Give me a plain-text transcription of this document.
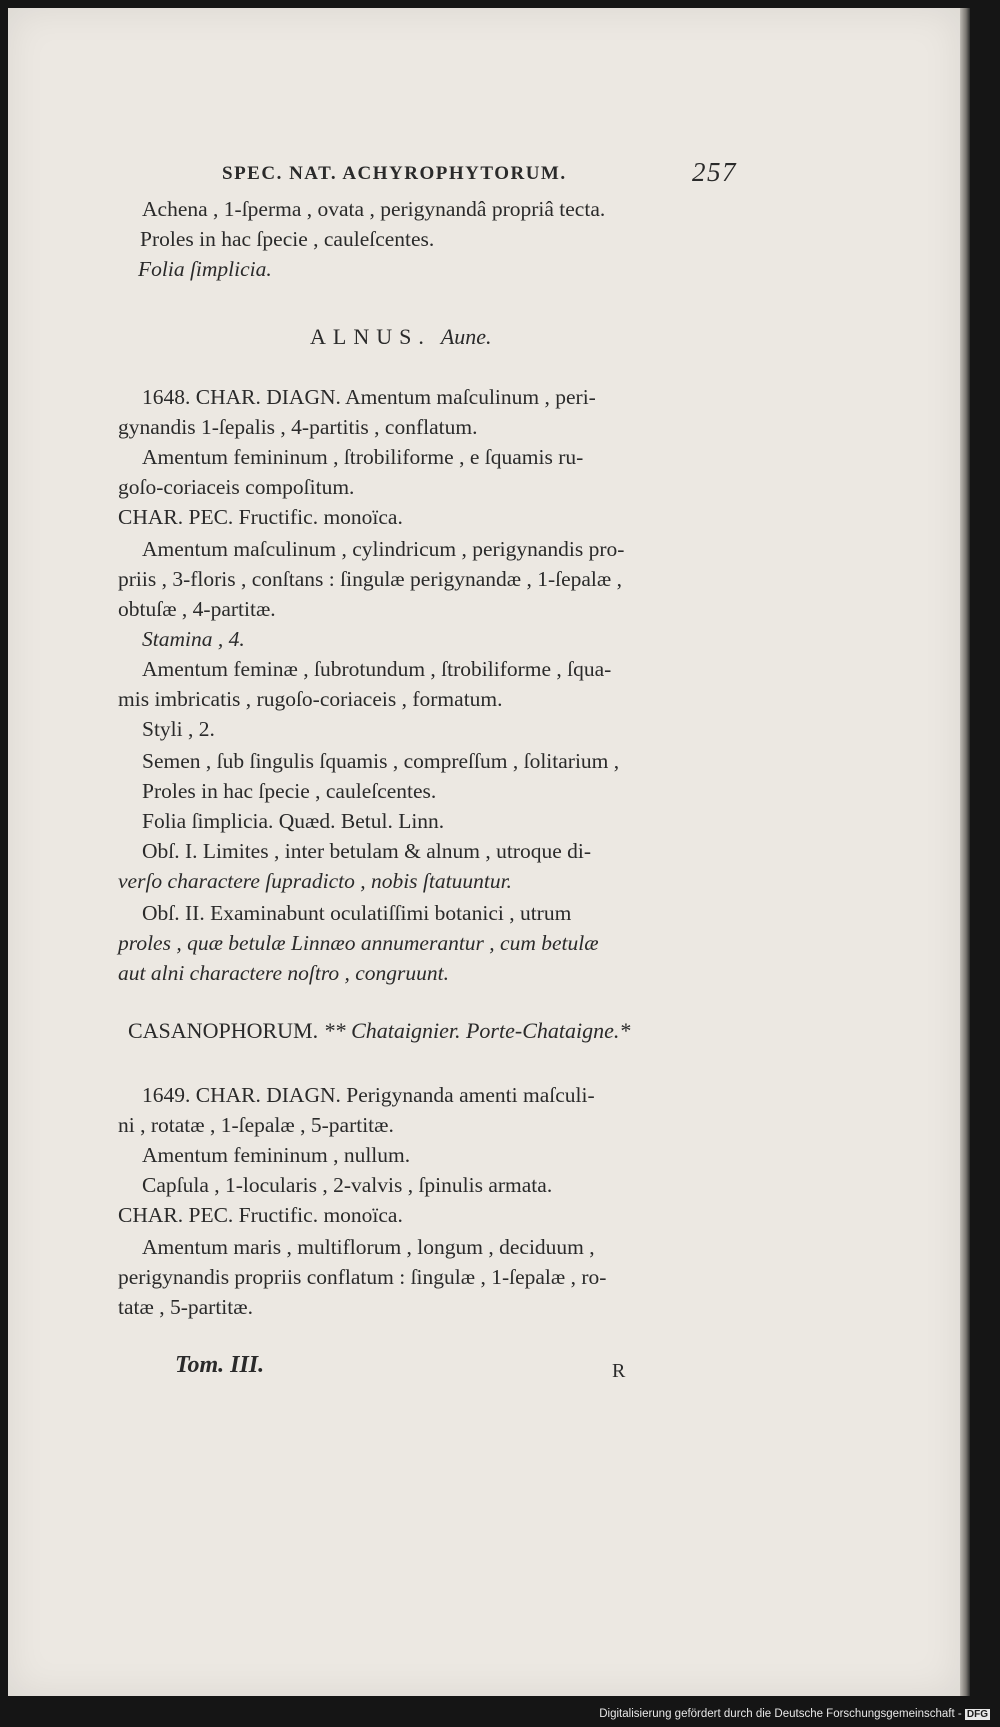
SPEC. NAT. ACHYROPHYTORUM.	257
Achena , 1-ſperma , ovata , perigynandâ propriâ tecta.
Proles in hac ſpecie , cauleſcentes.
Folia ſimplicia.
1648. CHAR. DIAGN. Amentum maſculinum , peri-
gynandis 1-ſepalis , 4-partitis , conflatum.
Amentum femininum , ſtrobiliforme , e ſquamis ru-
goſo-coriaceis compoſitum.
CHAR. PEC. Fructific. monoïca.
Amentum maſculinum , cylindricum , perigynandis pro-
priis , 3-floris , conſtans : ſingulæ perigynandæ , 1-ſepalæ ,
obtuſæ , 4-partitæ.
Stamina , 4.
Amentum feminæ , ſubrotundum , ſtrobiliforme , ſqua-
mis imbricatis , rugoſo-coriaceis , formatum.
Styli , 2.
Semen , ſub ſingulis ſquamis , compreſſum , ſolitarium ,
Proles in hac ſpecie , cauleſcentes.
Folia ſimplicia. Quæd. Betul. Linn.
Obſ. I. Limites , inter betulam & alnum , utroque di-
verſo charactere ſupradicto , nobis ſtatuuntur.
Obſ. II. Examinabunt oculatiſſimi botanici , utrum
proles , quæ betulæ Linnæo annumerantur , cum betulæ
aut alni charactere noſtro , congruunt.
1649. CHAR. DIAGN. Perigynanda amenti maſculi-
ni , rotatæ , 1-ſepalæ , 5-partitæ.
Amentum femininum , nullum.
Capſula , 1-locularis , 2-valvis , ſpinulis armata.
CHAR. PEC. Fructific. monoïca.
Amentum maris , multiflorum , longum , deciduum ,
perigynandis propriis conflatum : ſingulæ , 1-ſepalæ , ro-
tatæ , 5-partitæ.
ALNUS. Aune.
CASANOPHORUM. ** Chataignier. Porte-Chataigne.*
Tom. III.	R
Digitalisierung gefördert durch die Deutsche Forschungsgemeinschaft - DFG
